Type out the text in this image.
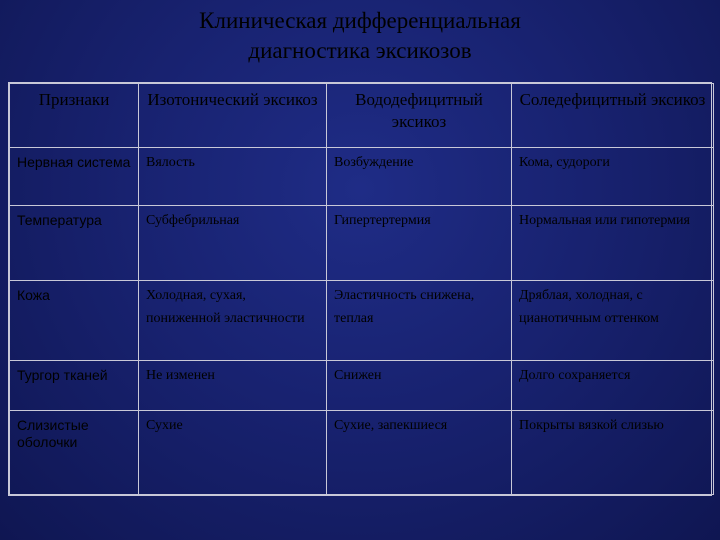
Клиническая дифференциальная
диагностика эксикозов
Признаки	Изотонический эксикоз	Вододефицитный эксикоз	Соледефицитный эксикоз
Нервная система	Вялость	Возбуждение	Кома, судороги
Температура	Субфебрильная	Гипертертермия	Нормальная или гипотермия
Кожа	Холодная, сухая, пониженной эластичности	Эластичность снижена, теплая	Дряблая, холодная, с цианотичным оттенком
Тургор тканей	Не изменен	Снижен	Долго сохраняется
Слизистые оболочки	Сухие	Сухие, запекшиеся	Покрыты вязкой слизью
